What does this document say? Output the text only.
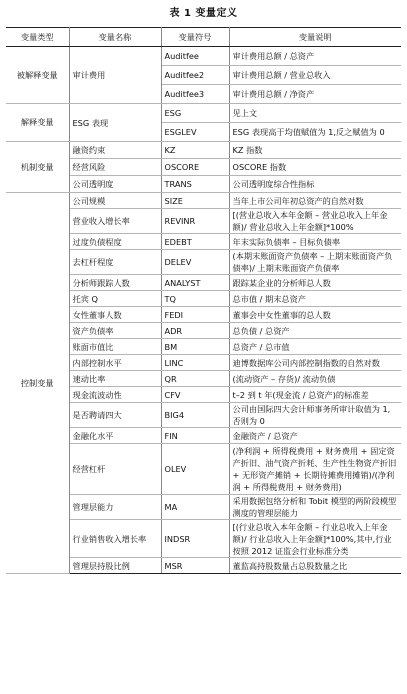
表 1 变量定义
变量类型	变量名称	变量符号	变量说明
被解释变量	审计费用	Auditfee	审计费用总额 / 总资产
		Auditfee2	审计费用总额 / 营业总收入
		Auditfee3	审计费用总额 / 净资产
解释变量	ESG 表现	ESG	见上文
		ESGLEV	ESG 表现高于均值赋值为 1,反之赋值为 0
机制变量	融资约束	KZ	KZ 指数
	经营风险	OSCORE	OSCORE 指数
	公司透明度	TRANS	公司透明度综合性指标
控制变量	公司规模	SIZE	当年上市公司年初总资产的自然对数
	营业收入增长率	REVINR	[(营业总收入本年金额 – 营业总收入上年金额)/ 营业总收入上年金额]*100%
	过度负债程度	EDEBT	年末实际负债率 – 目标负债率
	去杠杆程度	DELEV	(本期末账面资产负债率 – 上期末账面资产负债率)/ 上期末账面资产负债率
	分析师跟踪人数	ANALYST	跟踪某企业的分析师总人数
	托宾 Q	TQ	总市值 / 期末总资产
	女性董事人数	FEDI	董事会中女性董事的总人数
	资产负债率	ADR	总负债 / 总资产
	账面市值比	BM	总资产 / 总市值
	内部控制水平	LINC	迪博数据库公司内部控制指数的自然对数
	速动比率	QR	(流动资产 – 存货)/ 流动负债
	现金流波动性	CFV	t–2 到 t 年(现金流 / 总资产)的标准差
	是否聘请四大	BIG4	公司由国际四大会计师事务所审计取值为 1,否则为 0
	金融化水平	FIN	金融资产 / 总资产
	经营杠杆	OLEV	(净利润 + 所得税费用 + 财务费用 + 固定资产折旧、油气资产折耗、生产性生物资产折旧 + 无形资产摊销 + 长期待摊费用摊销)/(净利润 + 所得税费用 + 财务费用)
	管理层能力	MA	采用数据包络分析和 Tobit 模型的两阶段模型测度的管理层能力
	行业销售收入增长率	INDSR	[(行业总收入本年金额 – 行业总收入上年金额)/ 行业总收入上年金额]*100%,其中,行业按照 2012 证监会行业标准分类
	管理层持股比例	MSR	董监高持股数量占总股数量之比
